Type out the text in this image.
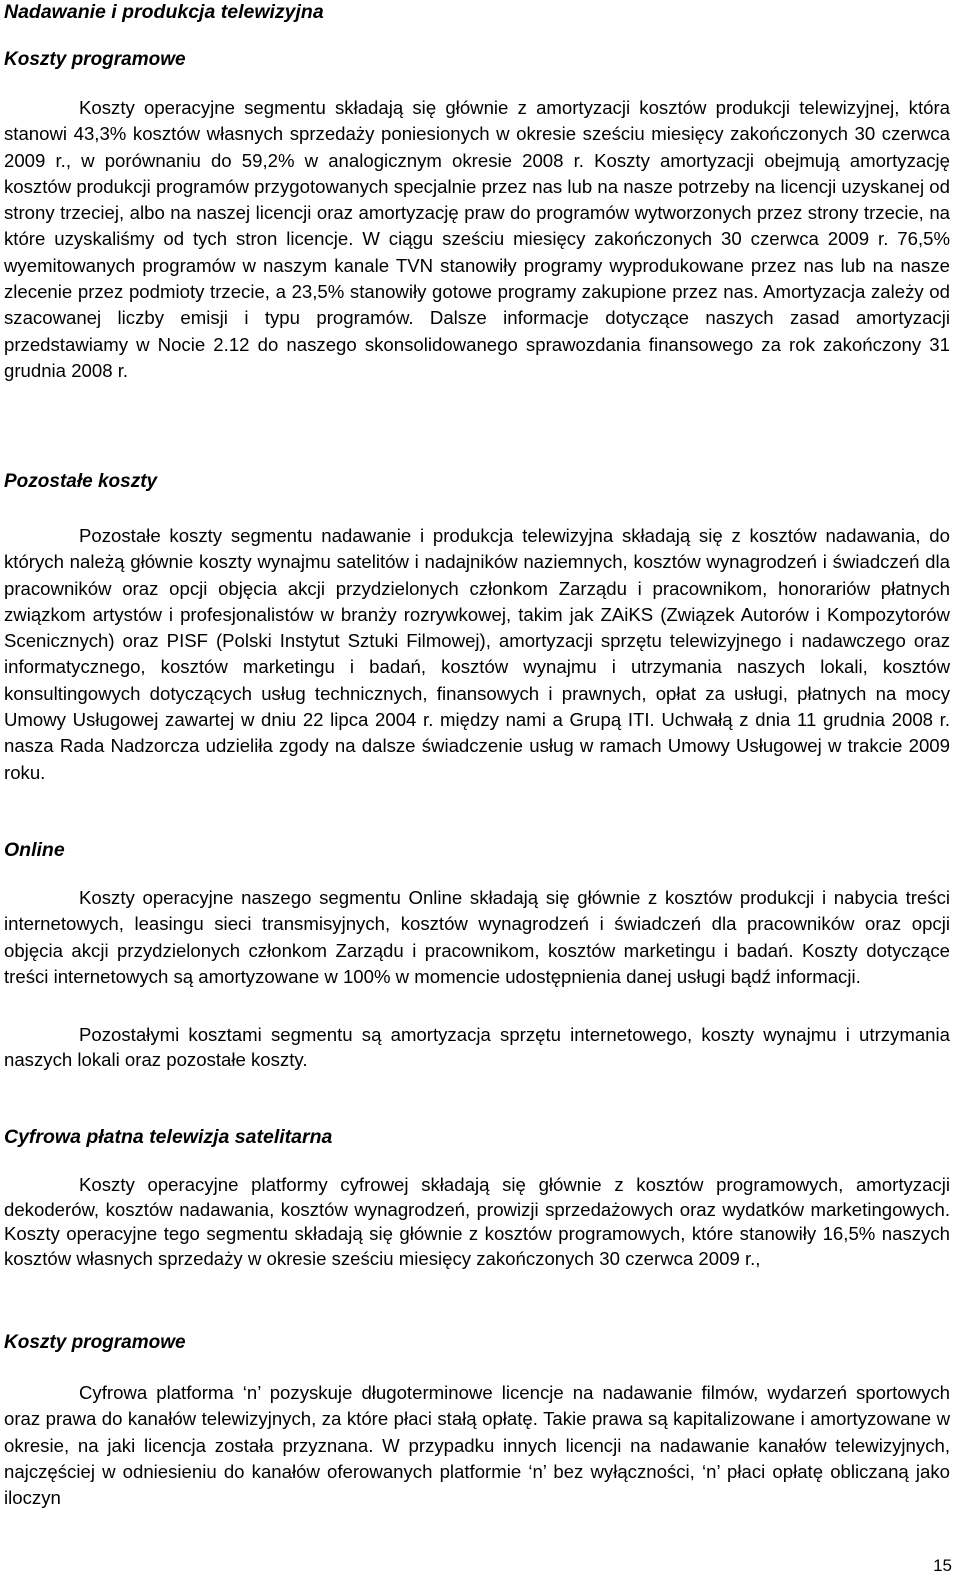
Nadawanie i produkcja telewizyjna
Koszty programowe

Koszty operacyjne segmentu składają się głównie z amortyzacji kosztów produkcji telewizyjnej, która stanowi 43,3% kosztów własnych sprzedaży poniesionych w okresie sześciu miesięcy zakończonych 30 czerwca 2009 r., w porównaniu do 59,2% w analogicznym okresie 2008 r. Koszty amortyzacji obejmują amortyzację kosztów produkcji programów przygotowanych specjalnie przez nas lub na nasze potrzeby na licencji uzyskanej od strony trzeciej, albo na naszej licencji oraz amortyzację praw do programów wytworzonych przez strony trzecie, na które uzyskaliśmy od tych stron licencje. W ciągu sześciu miesięcy zakończonych 30 czerwca 2009 r. 76,5% wyemitowanych programów w naszym kanale TVN stanowiły programy wyprodukowane przez nas lub na nasze zlecenie przez podmioty trzecie, a 23,5% stanowiły gotowe programy zakupione przez nas. Amortyzacja zależy od szacowanej liczby emisji i typu programów. Dalsze informacje dotyczące naszych zasad amortyzacji przedstawiamy w Nocie 2.12 do naszego skonsolidowanego sprawozdania finansowego za rok zakończony 31 grudnia 2008 r.

Pozostałe koszty

Pozostałe koszty segmentu nadawanie i produkcja telewizyjna składają się z kosztów nadawania, do których należą głównie koszty wynajmu satelitów i nadajników naziemnych, kosztów wynagrodzeń i świadczeń dla pracowników oraz opcji objęcia akcji przydzielonych członkom Zarządu i pracownikom, honorariów płatnych związkom artystów i profesjonalistów w branży rozrywkowej, takim jak ZAiKS (Związek Autorów i Kompozytorów Scenicznych) oraz PISF (Polski Instytut Sztuki Filmowej), amortyzacji sprzętu telewizyjnego i nadawczego oraz informatycznego, kosztów marketingu i badań, kosztów wynajmu i utrzymania naszych lokali, kosztów konsultingowych dotyczących usług technicznych, finansowych i prawnych, opłat za usługi, płatnych na mocy Umowy Usługowej zawartej w dniu 22 lipca 2004 r. między nami a Grupą ITI. Uchwałą z dnia 11 grudnia 2008 r. nasza Rada Nadzorcza udzieliła zgody na dalsze świadczenie usług w ramach Umowy Usługowej w trakcie 2009 roku.

Online

Koszty operacyjne naszego segmentu Online składają się głównie z kosztów produkcji i nabycia treści internetowych, leasingu sieci transmisyjnych, kosztów wynagrodzeń i świadczeń dla pracowników oraz opcji objęcia akcji przydzielonych członkom Zarządu i pracownikom, kosztów marketingu i badań. Koszty dotyczące treści internetowych są amortyzowane w 100% w momencie udostępnienia danej usługi bądź informacji.

Pozostałymi kosztami segmentu są amortyzacja sprzętu internetowego, koszty wynajmu i utrzymania naszych lokali oraz pozostałe koszty.

Cyfrowa płatna telewizja satelitarna

Koszty operacyjne platformy cyfrowej składają się głównie z kosztów programowych, amortyzacji dekoderów, kosztów nadawania, kosztów wynagrodzeń, prowizji sprzedażowych oraz wydatków marketingowych. Koszty operacyjne tego segmentu składają się głównie z kosztów programowych, które stanowiły 16,5% naszych kosztów własnych sprzedaży w okresie sześciu miesięcy zakończonych 30 czerwca 2009 r.,

Koszty programowe

Cyfrowa platforma ‘n’ pozyskuje długoterminowe licencje na nadawanie filmów, wydarzeń sportowych oraz prawa do kanałów telewizyjnych, za które płaci stałą opłatę. Takie prawa są kapitalizowane i amortyzowane w okresie, na jaki licencja została przyznana. W przypadku innych licencji na nadawanie kanałów telewizyjnych, najczęściej w odniesieniu do kanałów oferowanych platformie ‘n’ bez wyłączności, ‘n’ płaci opłatę obliczaną jako iloczyn

15
